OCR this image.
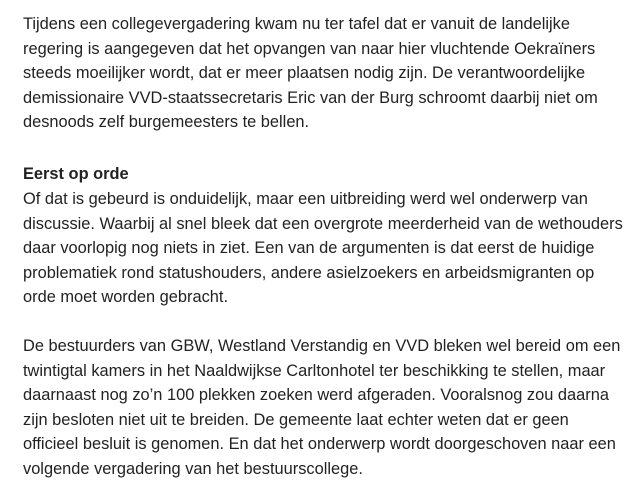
Tijdens een collegevergadering kwam nu ter tafel dat er vanuit de landelijke regering is aangegeven dat het opvangen van naar hier vluchtende Oekraïners steeds moeilijker wordt, dat er meer plaatsen nodig zijn. De verantwoordelijke demissionaire VVD-staatssecretaris Eric van der Burg schroomt daarbij niet om desnoods zelf burgemeesters te bellen.

Eerst op orde

Of dat is gebeurd is onduidelijk, maar een uitbreiding werd wel onderwerp van discussie. Waarbij al snel bleek dat een overgrote meerderheid van de wethouders daar voorlopig nog niets in ziet. Een van de argumenten is dat eerst de huidige problematiek rond statushouders, andere asielzoekers en arbeidsmigranten op orde moet worden gebracht.

De bestuurders van GBW, Westland Verstandig en VVD bleken wel bereid om een twintigtal kamers in het Naaldwijkse Carltonhotel ter beschikking te stellen, maar daarnaast nog zo’n 100 plekken zoeken werd afgeraden. Vooralsnog zou daarna zijn besloten niet uit te breiden. De gemeente laat echter weten dat er geen officieel besluit is genomen. En dat het onderwerp wordt doorgeschoven naar een volgende vergadering van het bestuurscollege.
